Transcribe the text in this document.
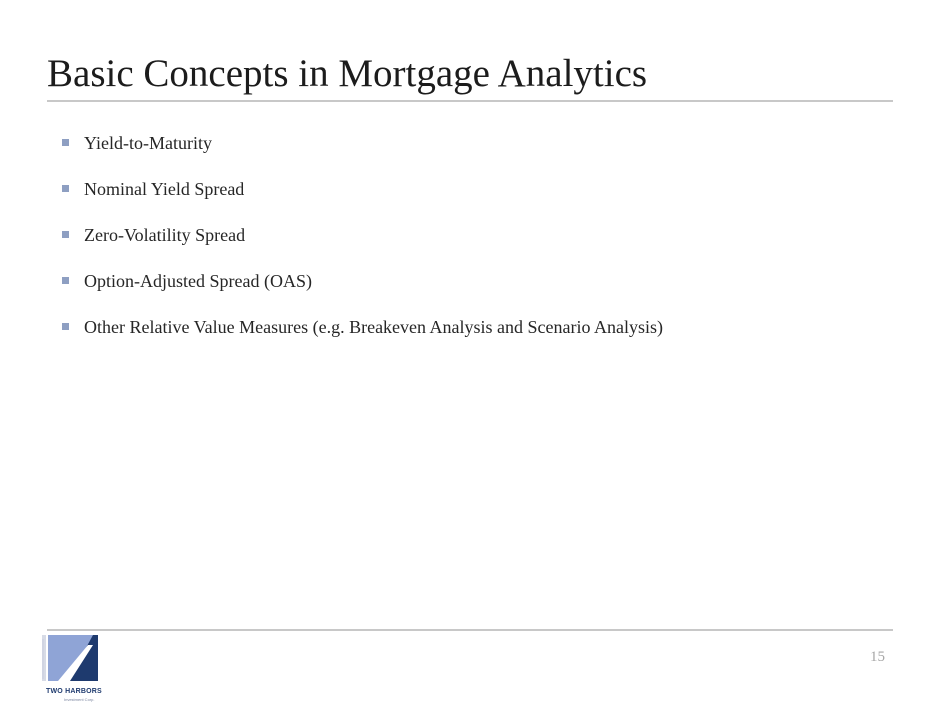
Basic Concepts in Mortgage Analytics
Yield-to-Maturity
Nominal Yield Spread
Zero-Volatility Spread
Option-Adjusted Spread (OAS)
Other Relative Value Measures (e.g. Breakeven Analysis and Scenario Analysis)
TWO HARBORS
Investment Corp.
15
